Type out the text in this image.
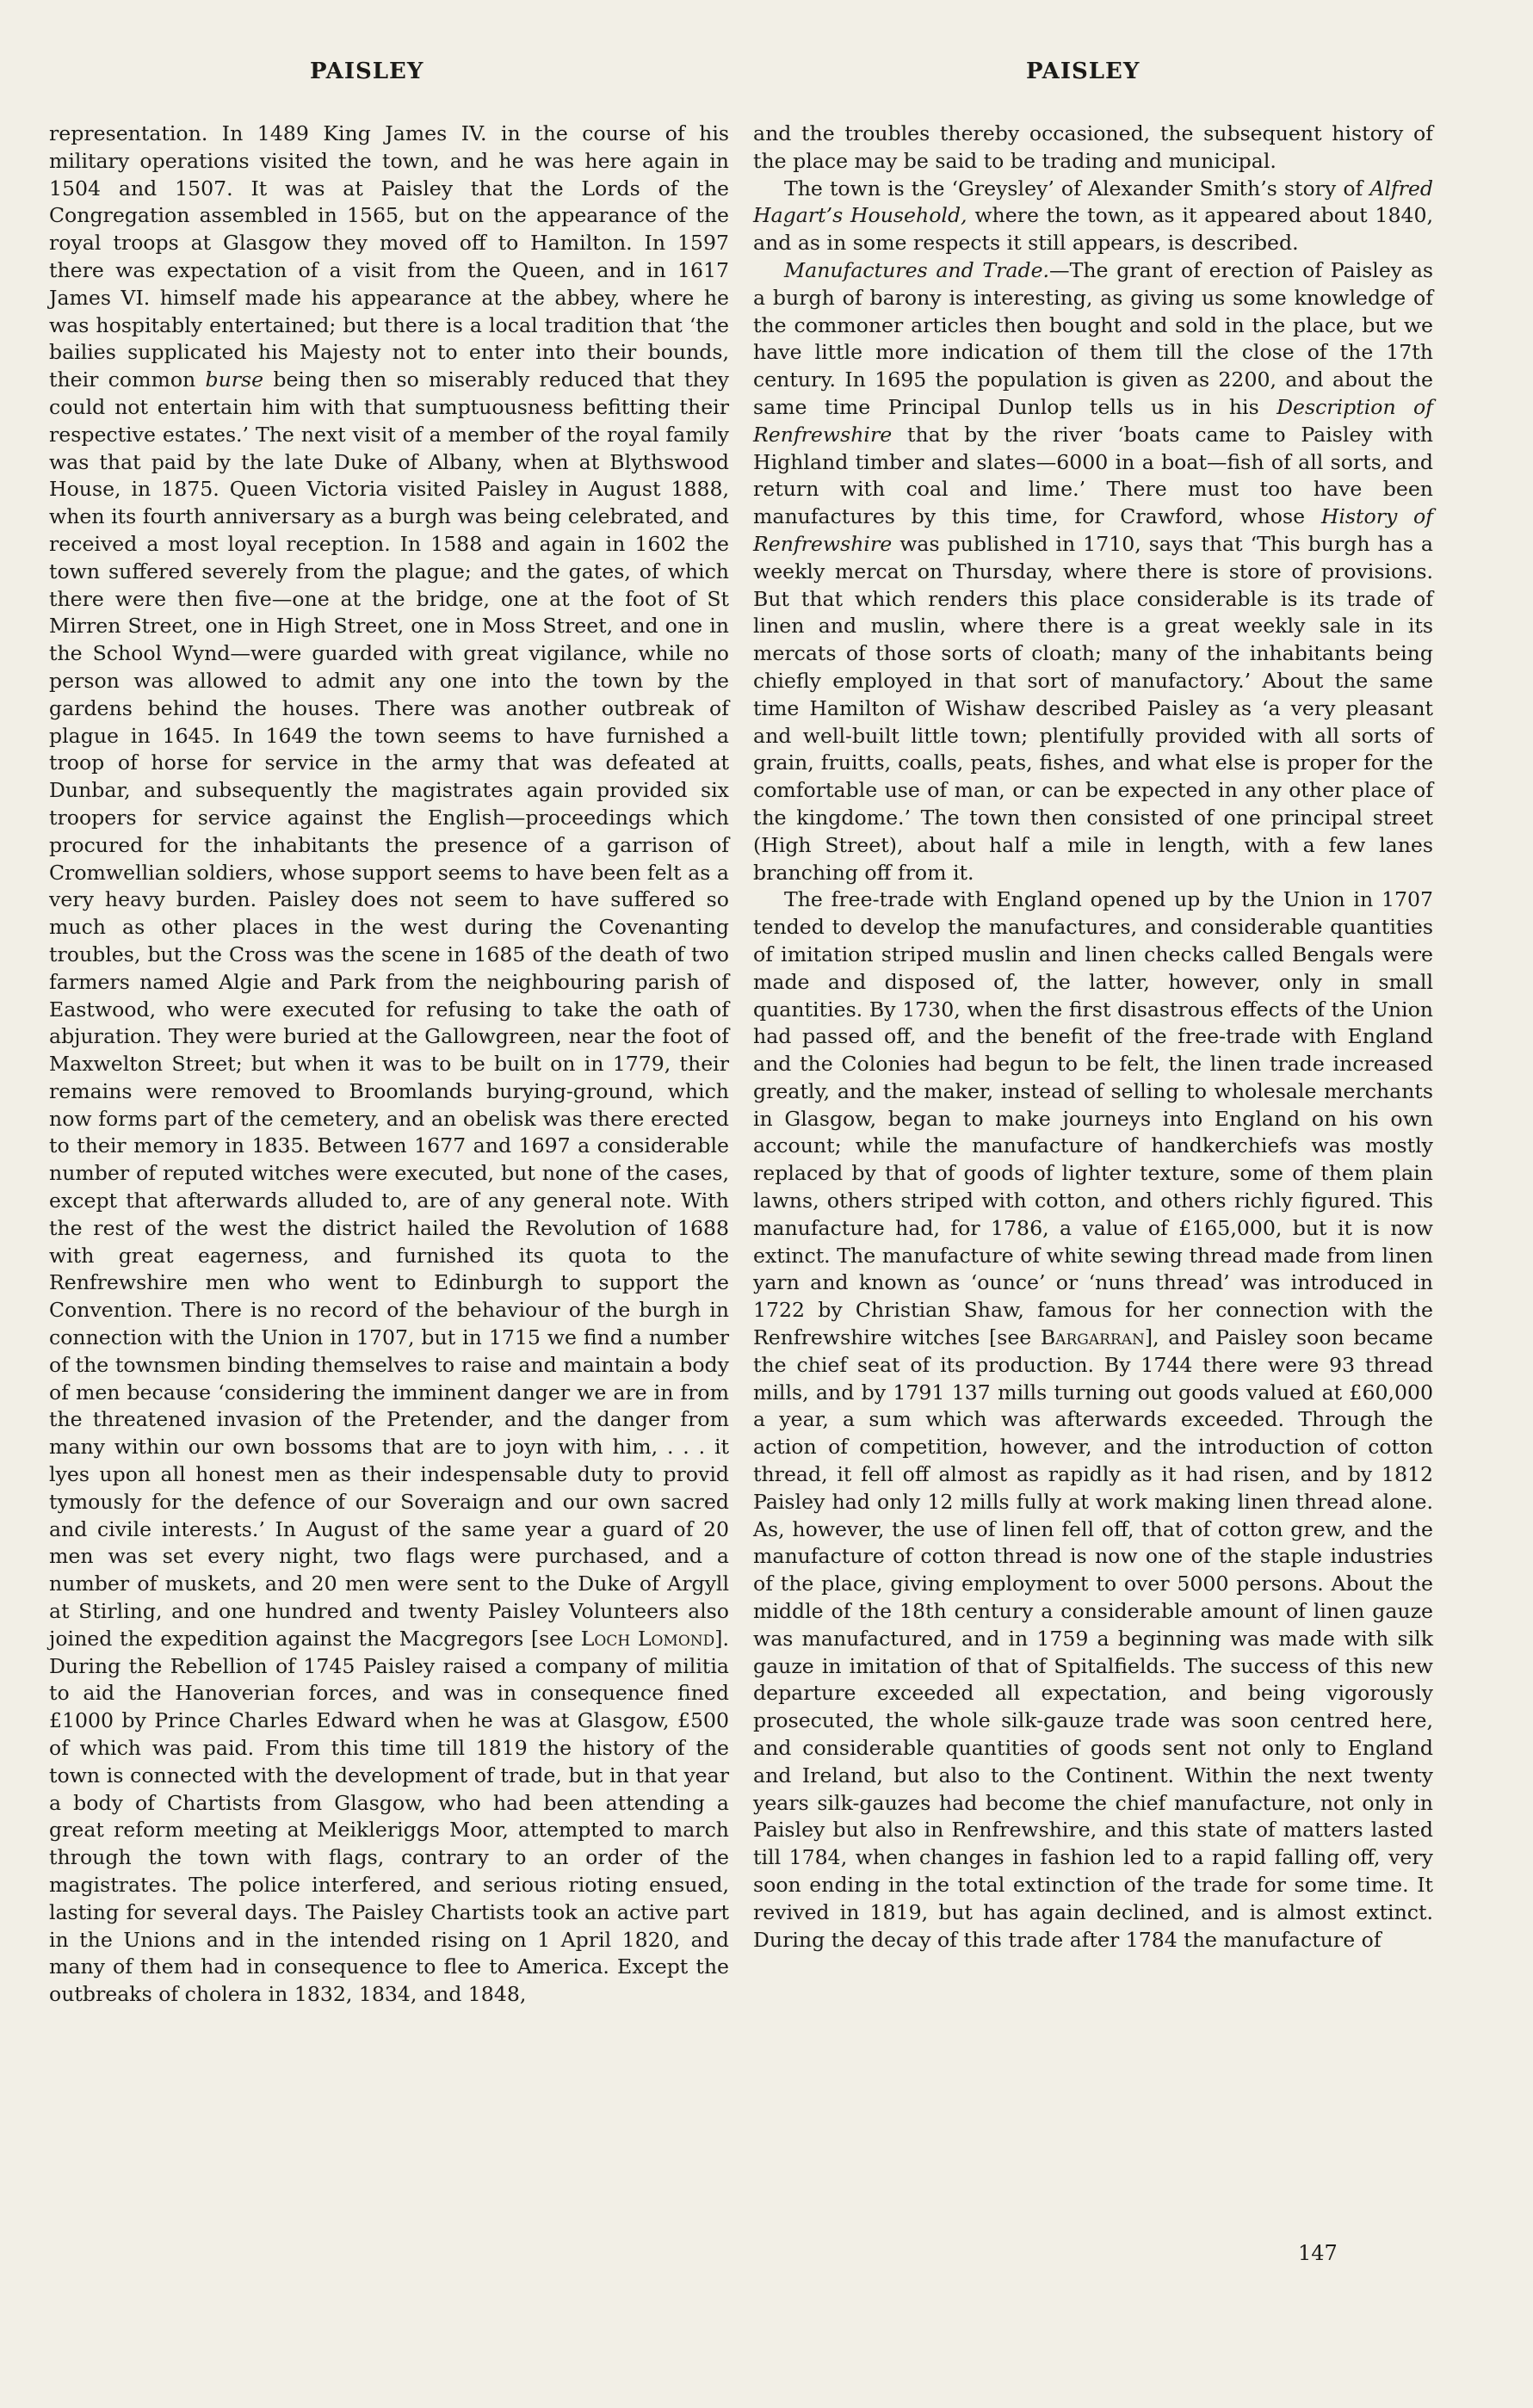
PAISLEY	PAISLEY

representation. In 1489 King James IV. in the course of his military operations visited the town, and he was here again in 1504 and 1507. It was at Paisley that the Lords of the Congregation assembled in 1565, but on the appearance of the royal troops at Glasgow they moved off to Hamilton. In 1597 there was expectation of a visit from the Queen, and in 1617 James VI. himself made his appearance at the abbey, where he was hospitably entertained; but there is a local tradition that ‘the bailies supplicated his Majesty not to enter into their bounds, their common burse being then so miserably reduced that they could not entertain him with that sumptuousness befitting their respective estates.’ The next visit of a member of the royal family was that paid by the late Duke of Albany, when at Blythswood House, in 1875. Queen Victoria visited Paisley in August 1888, when its fourth anniversary as a burgh was being celebrated, and received a most loyal reception. In 1588 and again in 1602 the town suffered severely from the plague; and the gates, of which there were then five—one at the bridge, one at the foot of St Mirren Street, one in High Street, one in Moss Street, and one in the School Wynd—were guarded with great vigilance, while no person was allowed to admit any one into the town by the gardens behind the houses. There was another outbreak of plague in 1645. In 1649 the town seems to have furnished a troop of horse for service in the army that was defeated at Dunbar, and subsequently the magistrates again provided six troopers for service against the English—proceedings which procured for the inhabitants the presence of a garrison of Cromwellian soldiers, whose support seems to have been felt as a very heavy burden. Paisley does not seem to have suffered so much as other places in the west during the Covenanting troubles, but the Cross was the scene in 1685 of the death of two farmers named Algie and Park from the neighbouring parish of Eastwood, who were executed for refusing to take the oath of abjuration. They were buried at the Gallowgreen, near the foot of Maxwelton Street; but when it was to be built on in 1779, their remains were removed to Broomlands burying-ground, which now forms part of the cemetery, and an obelisk was there erected to their memory in 1835. Between 1677 and 1697 a considerable number of reputed witches were executed, but none of the cases, except that afterwards alluded to, are of any general note. With the rest of the west the district hailed the Revolution of 1688 with great eagerness, and furnished its quota to the Renfrewshire men who went to Edinburgh to support the Convention. There is no record of the behaviour of the burgh in connection with the Union in 1707, but in 1715 we find a number of the townsmen binding themselves to raise and maintain a body of men because ‘considering the imminent danger we are in from the threatened invasion of the Pretender, and the danger from many within our own bossoms that are to joyn with him, . . . it lyes upon all honest men as their indespensable duty to provid tymously for the defence of our Soveraign and our own sacred and civile interests.’ In August of the same year a guard of 20 men was set every night, two flags were purchased, and a number of muskets, and 20 men were sent to the Duke of Argyll at Stirling, and one hundred and twenty Paisley Volunteers also joined the expedition against the Macgregors [see Loch Lomond]. During the Rebellion of 1745 Paisley raised a company of militia to aid the Hanoverian forces, and was in consequence fined £1000 by Prince Charles Edward when he was at Glasgow, £500 of which was paid. From this time till 1819 the history of the town is connected with the development of trade, but in that year a body of Chartists from Glasgow, who had been attending a great reform meeting at Meikleriggs Moor, attempted to march through the town with flags, contrary to an order of the magistrates. The police interfered, and serious rioting ensued, lasting for several days. The Paisley Chartists took an active part in the Unions and in the intended rising on 1 April 1820, and many of them had in consequence to flee to America. Except the outbreaks of cholera in 1832, 1834, and 1848,

and the troubles thereby occasioned, the subsequent history of the place may be said to be trading and municipal.

The town is the ‘Greysley’ of Alexander Smith’s story of Alfred Hagart’s Household, where the town, as it appeared about 1840, and as in some respects it still appears, is described.

Manufactures and Trade.—The grant of erection of Paisley as a burgh of barony is interesting, as giving us some knowledge of the commoner articles then bought and sold in the place, but we have little more indication of them till the close of the 17th century. In 1695 the population is given as 2200, and about the same time Principal Dunlop tells us in his Description of Renfrewshire that by the river ‘boats came to Paisley with Highland timber and slates—6000 in a boat—fish of all sorts, and return with coal and lime.’ There must too have been manufactures by this time, for Crawford, whose History of Renfrewshire was published in 1710, says that ‘This burgh has a weekly mercat on Thursday, where there is store of provisions. But that which renders this place considerable is its trade of linen and muslin, where there is a great weekly sale in its mercats of those sorts of cloath; many of the inhabitants being chiefly employed in that sort of manufactory.’ About the same time Hamilton of Wishaw described Paisley as ‘a very pleasant and well-built little town; plentifully provided with all sorts of grain, fruitts, coalls, peats, fishes, and what else is proper for the comfortable use of man, or can be expected in any other place of the kingdome.’ The town then consisted of one principal street (High Street), about half a mile in length, with a few lanes branching off from it.

The free-trade with England opened up by the Union in 1707 tended to develop the manufactures, and considerable quantities of imitation striped muslin and linen checks called Bengals were made and disposed of, the latter, however, only in small quantities. By 1730, when the first disastrous effects of the Union had passed off, and the benefit of the free-trade with England and the Colonies had begun to be felt, the linen trade increased greatly, and the maker, instead of selling to wholesale merchants in Glasgow, began to make journeys into England on his own account; while the manufacture of handkerchiefs was mostly replaced by that of goods of lighter texture, some of them plain lawns, others striped with cotton, and others richly figured. This manufacture had, for 1786, a value of £165,000, but it is now extinct. The manufacture of white sewing thread made from linen yarn and known as ‘ounce’ or ‘nuns thread’ was introduced in 1722 by Christian Shaw, famous for her connection with the Renfrewshire witches [see Bargarran], and Paisley soon became the chief seat of its production. By 1744 there were 93 thread mills, and by 1791 137 mills turning out goods valued at £60,000 a year, a sum which was afterwards exceeded. Through the action of competition, however, and the introduction of cotton thread, it fell off almost as rapidly as it had risen, and by 1812 Paisley had only 12 mills fully at work making linen thread alone. As, however, the use of linen fell off, that of cotton grew, and the manufacture of cotton thread is now one of the staple industries of the place, giving employment to over 5000 persons. About the middle of the 18th century a considerable amount of linen gauze was manufactured, and in 1759 a beginning was made with silk gauze in imitation of that of Spitalfields. The success of this new departure exceeded all expectation, and being vigorously prosecuted, the whole silk-gauze trade was soon centred here, and considerable quantities of goods sent not only to England and Ireland, but also to the Continent. Within the next twenty years silk-gauzes had become the chief manufacture, not only in Paisley but also in Renfrewshire, and this state of matters lasted till 1784, when changes in fashion led to a rapid falling off, very soon ending in the total extinction of the trade for some time. It revived in 1819, but has again declined, and is almost extinct. During the decay of this trade after 1784 the manufacture of

147
